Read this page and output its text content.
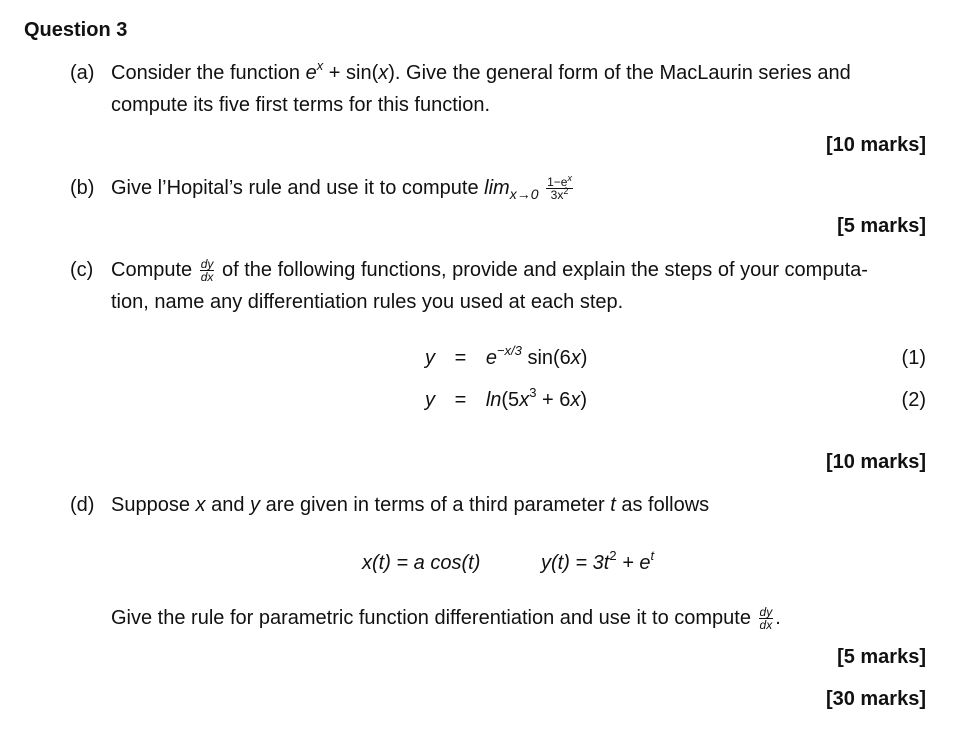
Question 3
(a) Consider the function $e^x + \sin(x)$. Give the general form of the MacLaurin series and
compute its five first terms for this function.
[10 marks]
(b) Give l’Hopital’s rule and use it to compute $\lim_{x\to 0} \frac{1-e^x}{3x^2}$
[5 marks]
(c) Compute $\frac{dy}{dx}$ of the following functions, provide and explain the steps of your computa-
tion, name any differentiation rules you used at each step.
$y = e^{-x/3}$ sin(6x)	(1)
$y = \ln(5x^3 + 6x)$	(2)
[10 marks]
(d) Suppose x and y are given in terms of a third parameter t as follows
x(t) = a cos(t)	$y(t) = 3t^2 + e^t$
Give the rule for parametric function differentiation and use it to compute $\frac{dy}{dx}$ .
[5 marks]
[30 marks]
